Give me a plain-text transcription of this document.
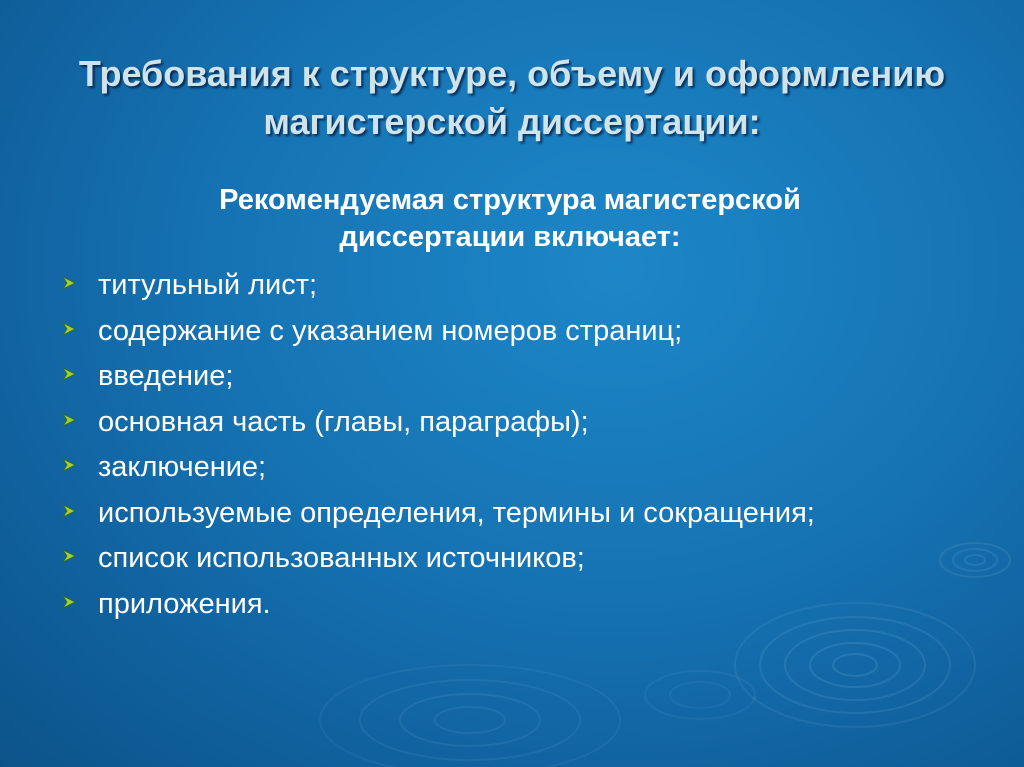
Требования к структуре, объему и оформлению магистерской диссертации:
Рекомендуемая структура магистерской диссертации включает:
титульный лист;
содержание с указанием номеров страниц;
введение;
основная часть (главы, параграфы);
заключение;
используемые определения, термины и сокращения;
список использованных источников;
приложения.
